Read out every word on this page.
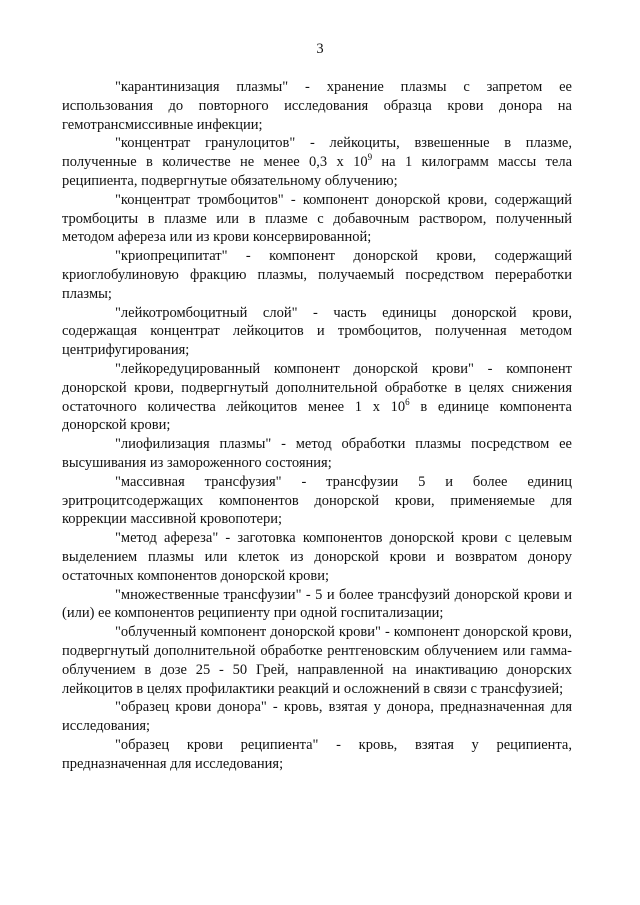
3

"карантинизация плазмы" - хранение плазмы с запретом ее использования до повторного исследования образца крови донора на гемотрансмиссивные инфекции;

"концентрат гранулоцитов" - лейкоциты, взвешенные в плазме, полученные в количестве не менее 0,3 х $10^9$ на 1 килограмм массы тела реципиента, подвергнутые обязательному облучению;

"концентрат тромбоцитов" - компонент донорской крови, содержащий тромбоциты в плазме или в плазме с добавочным раствором, полученный методом афереза или из крови консервированной;

"криопреципитат" - компонент донорской крови, содержащий криоглобулиновую фракцию плазмы, получаемый посредством переработки плазмы;

"лейкотромбоцитный слой" - часть единицы донорской крови, содержащая концентрат лейкоцитов и тромбоцитов, полученная методом центрифугирования;

"лейкоредуцированный компонент донорской крови" - компонент донорской крови, подвергнутый дополнительной обработке в целях снижения остаточного количества лейкоцитов менее 1 х $10^6$ в единице компонента донорской крови;

"лиофилизация плазмы" - метод обработки плазмы посредством ее высушивания из замороженного состояния;

"массивная трансфузия" - трансфузии 5 и более единиц эритроцитсодержащих компонентов донорской крови, применяемые для коррекции массивной кровопотери;

"метод афереза" - заготовка компонентов донорской крови с целевым выделением плазмы или клеток из донорской крови и возвратом донору остаточных компонентов донорской крови;

"множественные трансфузии" - 5 и более трансфузий донорской крови и (или) ее компонентов реципиенту при одной госпитализации;

"облученный компонент донорской крови" - компонент донорской крови, подвергнутый дополнительной обработке рентгеновским облучением или гамма-облучением в дозе 25 - 50 Грей, направленной на инактивацию донорских лейкоцитов в целях профилактики реакций и осложнений в связи с трансфузией;

"образец крови донора" - кровь, взятая у донора, предназначенная для исследования;

"образец крови реципиента" - кровь, взятая у реципиента, предназначенная для исследования;
